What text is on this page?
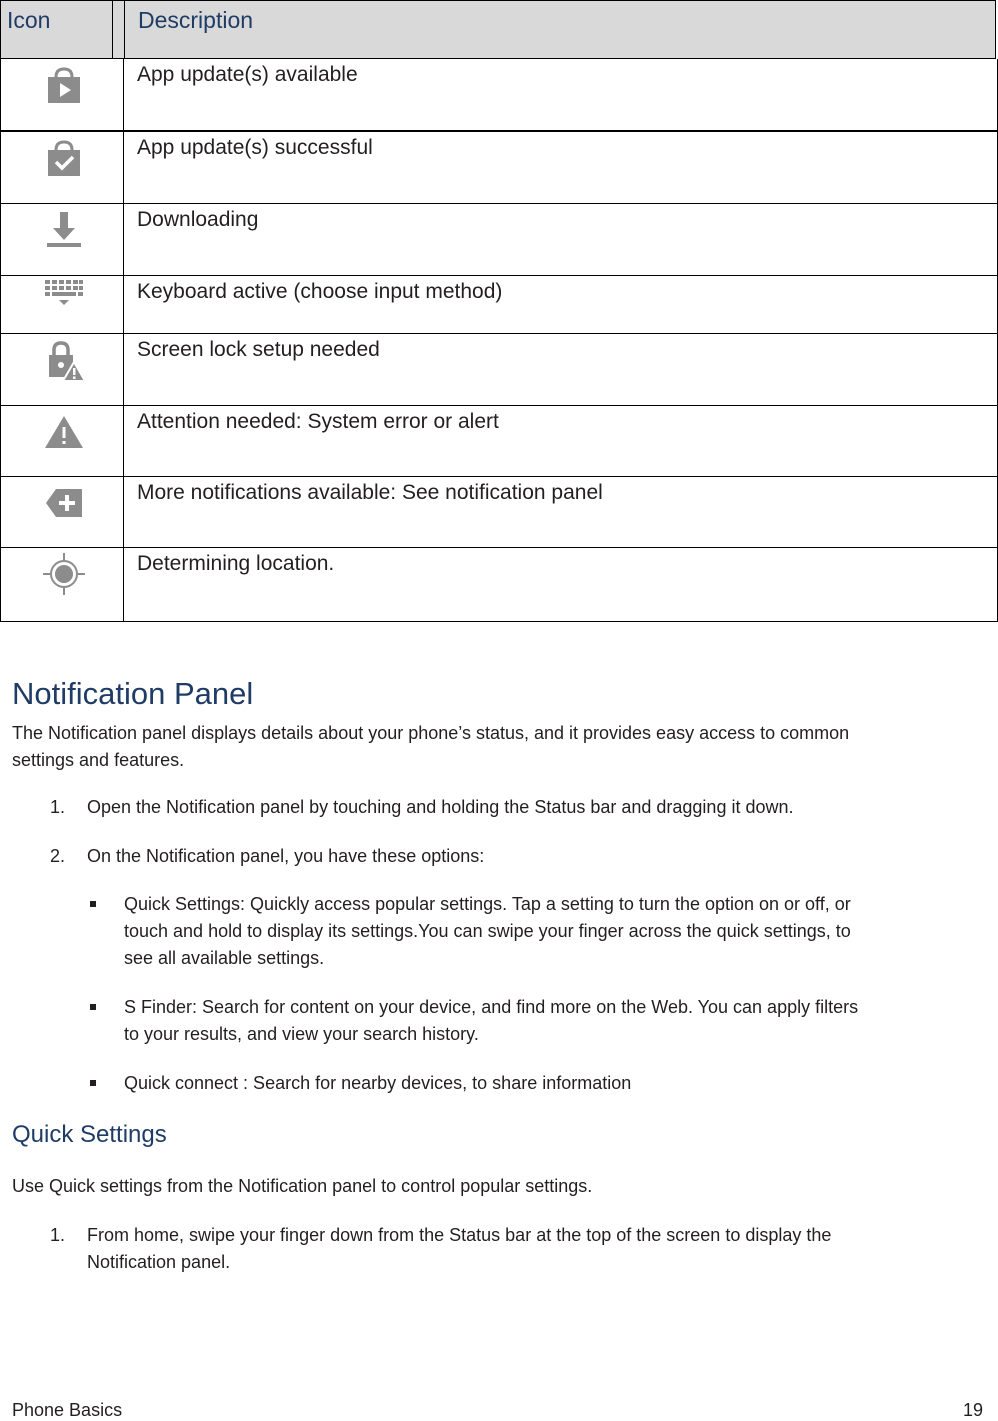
Icon	Description
App update(s) available
App update(s) successful
Downloading
Keyboard active (choose input method)
Screen lock setup needed
Attention needed: System error or alert
More notifications available: See notification panel
Determining location.
Notification Panel

The Notification panel displays details about your phone’s status, and it provides easy access to common

settings and features.

1. Open the Notification panel by touching and holding the Status bar and dragging it down.
2. On the Notification panel, you have these options:
Quick Settings: Quickly access popular settings. Tap a setting to turn the option on or off, or
touch and hold to display its settings.You can swipe your finger across the quick settings, to
see all available settings.
S Finder: Search for content on your device, and find more on the Web. You can apply filters
to your results, and view your search history.
Quick connect : Search for nearby devices, to share information
Quick Settings

Use Quick settings from the Notification panel to control popular settings.

1. From home, swipe your finger down from the Status bar at the top of the screen to display the
Notification panel.
Phone Basics	19
